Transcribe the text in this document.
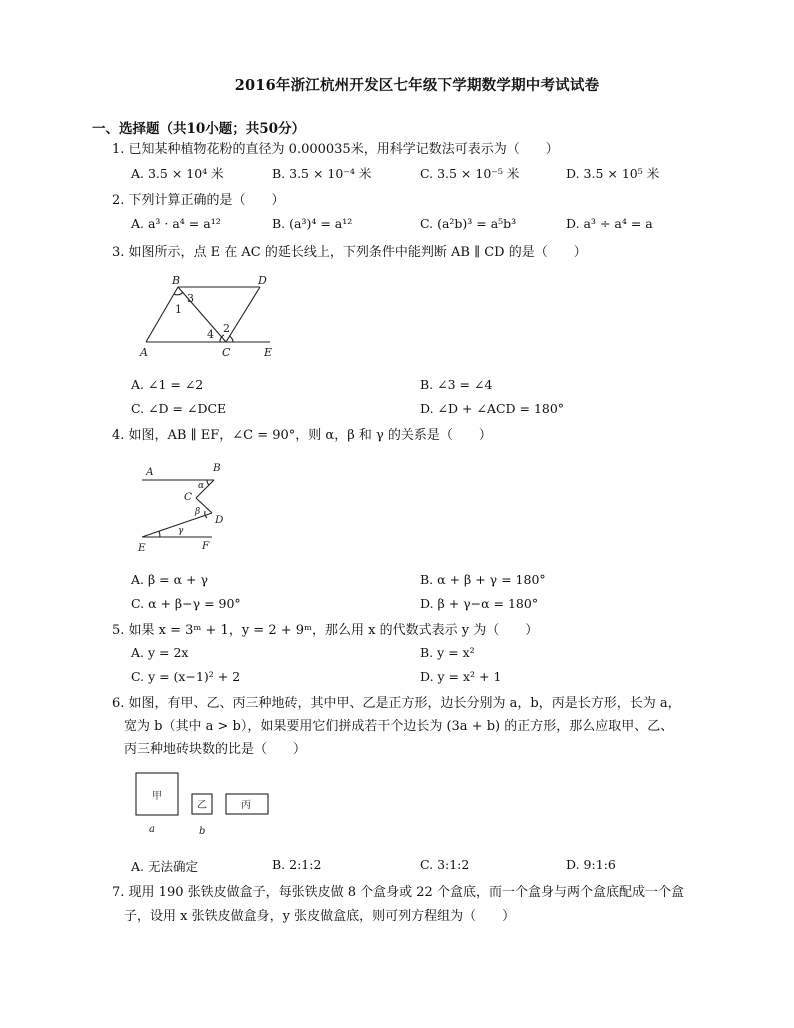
2016年浙江杭州开发区七年级下学期数学期中考试试卷
一、选择题（共10小题；共50分）
1. 已知某种植物花粉的直径为 0.000035米，用科学记数法可表示为（　　）
A. 3.5 × 10⁴ 米	B. 3.5 × 10⁻⁴ 米	C. 3.5 × 10⁻⁵ 米	D. 3.5 × 10⁵ 米
2. 下列计算正确的是（　　）
A. a³ · a⁴ = a¹²	B. (a³)⁴ = a¹²	C. (a²b)³ = a⁵b³	D. a³ ÷ a⁴ = a
3. 如图所示，点 E 在 AC 的延长线上，下列条件中能判断 AB ∥ CD 的是（　　）
B	D
3
1
2
4
A	C	E
A. ∠1 = ∠2	B. ∠3 = ∠4
C. ∠D = ∠DCE	D. ∠D + ∠ACD = 180°
4. 如图，AB ∥ EF，∠C = 90°，则 α，β 和 γ 的关系是（　　）
A	B
α
C
β
D
γ
E	F
A. β = α + γ	B. α + β + γ = 180°
C. α + β−γ = 90°	D. β + γ−α = 180°
5. 如果 x = 3ᵐ + 1，y = 2 + 9ᵐ，那么用 x 的代数式表示 y 为（　　）
A. y = 2x	B. y = x²
C. y = (x−1)² + 2	D. y = x² + 1
6. 如图，有甲、乙、丙三种地砖，其中甲、乙是正方形，边长分别为 a，b，丙是长方形，长为 a，
宽为 b（其中 a > b），如果要用它们拼成若干个边长为 (3a + b) 的正方形，那么应取甲、乙、
丙三种地砖块数的比是（　　）
甲
乙	丙
a	b
A. 无法确定	B. 2:1:2	C. 3:1:2	D. 9:1:6
7. 现用 190 张铁皮做盒子，每张铁皮做 8 个盒身或 22 个盒底，而一个盒身与两个盒底配成一个盒
子，设用 x 张铁皮做盒身，y 张皮做盒底，则可列方程组为（　　）
